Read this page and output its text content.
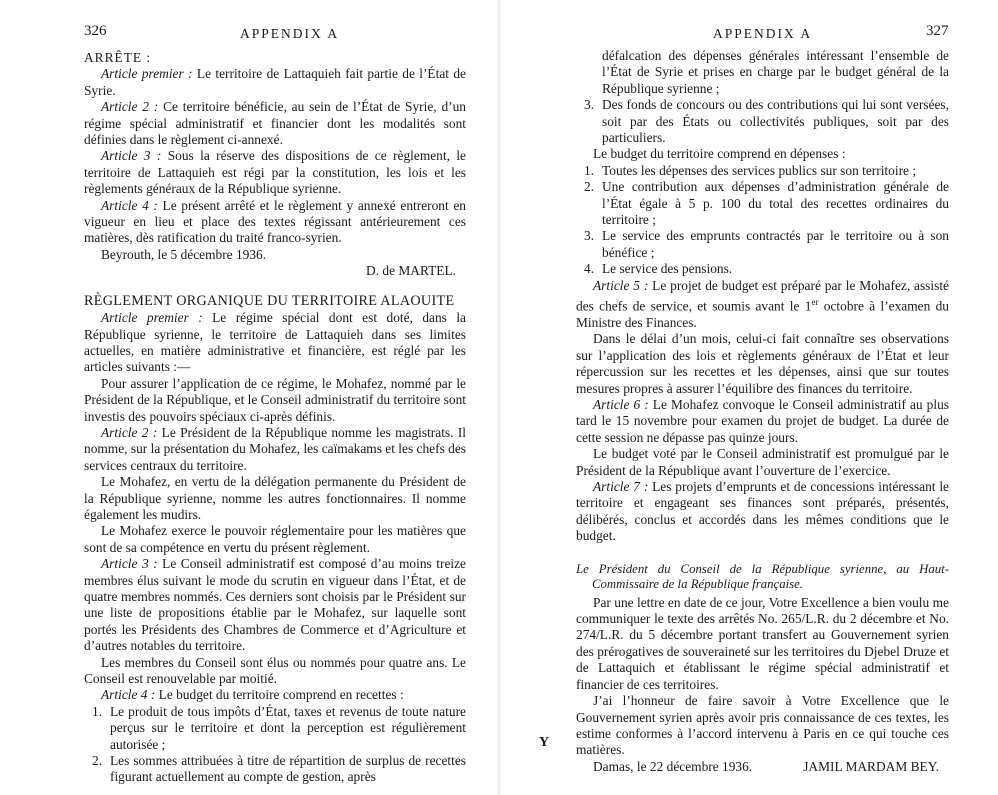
326	APPENDIX A

ARRÊTE :

Article premier : Le territoire de Lattaquieh fait partie de l’État de Syrie.

Article 2 : Ce territoire bénéficie, au sein de l’État de Syrie, d’un régime spécial administratif et financier dont les modalités sont définies dans le règlement ci-annexé.

Article 3 : Sous la réserve des dispositions de ce règlement, le territoire de Lattaquieh est régi par la constitution, les lois et les règlements généraux de la République syrienne.

Article 4 : Le présent arrêté et le règlement y annexé entreront en vigueur en lieu et place des textes régissant antérieurement ces matières, dès ratification du traité franco-syrien.

Beyrouth, le 5 décembre 1936.

D. de MARTEL.

RÈGLEMENT ORGANIQUE DU TERRITOIRE ALAOUITE

Article premier : Le régime spécial dont est doté, dans la République syrienne, le territoire de Lattaquieh dans ses limites actuelles, en matière administrative et financière, est réglé par les articles suivants :—

Pour assurer l’application de ce régime, le Mohafez, nommé par le Président de la République, et le Conseil administratif du territoire sont investis des pouvoirs spéciaux ci-après définis.

Article 2 : Le Président de la République nomme les magistrats. Il nomme, sur la présentation du Mohafez, les caïmakams et les chefs des services centraux du territoire.

Le Mohafez, en vertu de la délégation permanente du Président de la République syrienne, nomme les autres fonctionnaires. Il nomme également les mudirs.

Le Mohafez exerce le pouvoir réglementaire pour les matières que sont de sa compétence en vertu du présent règlement.

Article 3 : Le Conseil administratif est composé d’au moins treize membres élus suivant le mode du scrutin en vigueur dans l’État, et de quatre membres nommés. Ces derniers sont choisis par le Président sur une liste de propositions établie par le Mohafez, sur laquelle sont portés les Présidents des Chambres de Commerce et d’Agriculture et d’autres notables du territoire.

Les membres du Conseil sont élus ou nommés pour quatre ans. Le Conseil est renouvelable par moitié.

Article 4 : Le budget du territoire comprend en recettes :

1. Le produit de tous impôts d’État, taxes et revenus de toute nature perçus sur le territoire et dont la perception est régulièrement autorisée ;
2. Les sommes attribuées à titre de répartition de surplus de recettes figurant actuellement au compte de gestion, après
APPENDIX A	327

défalcation des dépenses générales intéressant l’ensemble de l’État de Syrie et prises en charge par le budget général de la République syrienne ;

3. Des fonds de concours ou des contributions qui lui sont versées, soit par des États ou collectivités publiques, soit par des particuliers.

Le budget du territoire comprend en dépenses :

1. Toutes les dépenses des services publics sur son territoire ;
2. Une contribution aux dépenses d’administration générale de l’État égale à 5 p. 100 du total des recettes ordinaires du territoire ;
3. Le service des emprunts contractés par le territoire ou à son bénéfice ;
4. Le service des pensions.

Article 5 : Le projet de budget est préparé par le Mohafez, assisté des chefs de service, et soumis avant le 1er octobre à l’examen du Ministre des Finances.

Dans le délai d’un mois, celui-ci fait connaître ses observations sur l’application des lois et règlements généraux de l’État et leur répercussion sur les recettes et les dépenses, ainsi que sur toutes mesures propres à assurer l’équilibre des finances du territoire.

Article 6 : Le Mohafez convoque le Conseil administratif au plus tard le 15 novembre pour examen du projet de budget. La durée de cette session ne dépasse pas quinze jours.

Le budget voté par le Conseil administratif est promulgué par le Président de la République avant l’ouverture de l’exercice.

Article 7 : Les projets d’emprunts et de concessions intéressant le territoire et engageant ses finances sont préparés, présentés, délibérés, conclus et accordés dans les mêmes conditions que le budget.

Le Président du Conseil de la République syrienne, au Haut-Commissaire de la République française.

Par une lettre en date de ce jour, Votre Excellence a bien voulu me communiquer le texte des arrêtés No. 265/L.R. du 2 décembre et No. 274/L.R. du 5 décembre portant transfert au Gouvernement syrien des prérogatives de souveraineté sur les territoires du Djebel Druze et de Lattaquich et établissant le régime spécial administratif et financier de ces territoires.

J’ai l’honneur de faire savoir à Votre Excellence que le Gouvernement syrien après avoir pris connaissance de ces textes, les estime conformes à l’accord intervenu à Paris en ce qui touche ces matières.

Damas, le 22 décembre 1936.	JAMIL MARDAM BEY.

Y
